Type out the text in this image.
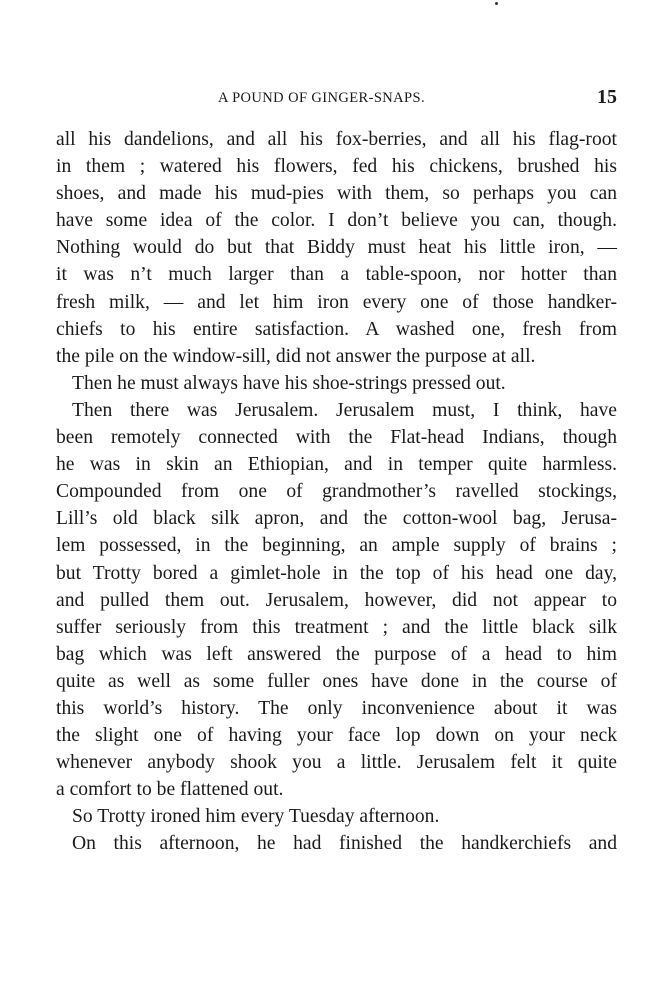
A POUND OF GINGER-SNAPS.	15
all his dandelions, and all his fox-berries, and all his flag-root
in them ; watered his flowers, fed his chickens, brushed his
shoes, and made his mud-pies with them, so perhaps you can
have some idea of the color. I don’t believe you can, though.
Nothing would do but that Biddy must heat his little iron, —
it was n’t much larger than a table-spoon, nor hotter than
fresh milk, — and let him iron every one of those handker-
chiefs to his entire satisfaction. A washed one, fresh from
the pile on the window-sill, did not answer the purpose at all.
Then he must always have his shoe-strings pressed out.
Then there was Jerusalem. Jerusalem must, I think, have
been remotely connected with the Flat-head Indians, though
he was in skin an Ethiopian, and in temper quite harmless.
Compounded from one of grandmother’s ravelled stockings,
Lill’s old black silk apron, and the cotton-wool bag, Jerusa-
lem possessed, in the beginning, an ample supply of brains ;
but Trotty bored a gimlet-hole in the top of his head one day,
and pulled them out. Jerusalem, however, did not appear to
suffer seriously from this treatment ; and the little black silk
bag which was left answered the purpose of a head to him
quite as well as some fuller ones have done in the course of
this world’s history. The only inconvenience about it was
the slight one of having your face lop down on your neck
whenever anybody shook you a little. Jerusalem felt it quite
a comfort to be flattened out.
So Trotty ironed him every Tuesday afternoon.
On this afternoon, he had finished the handkerchiefs and
